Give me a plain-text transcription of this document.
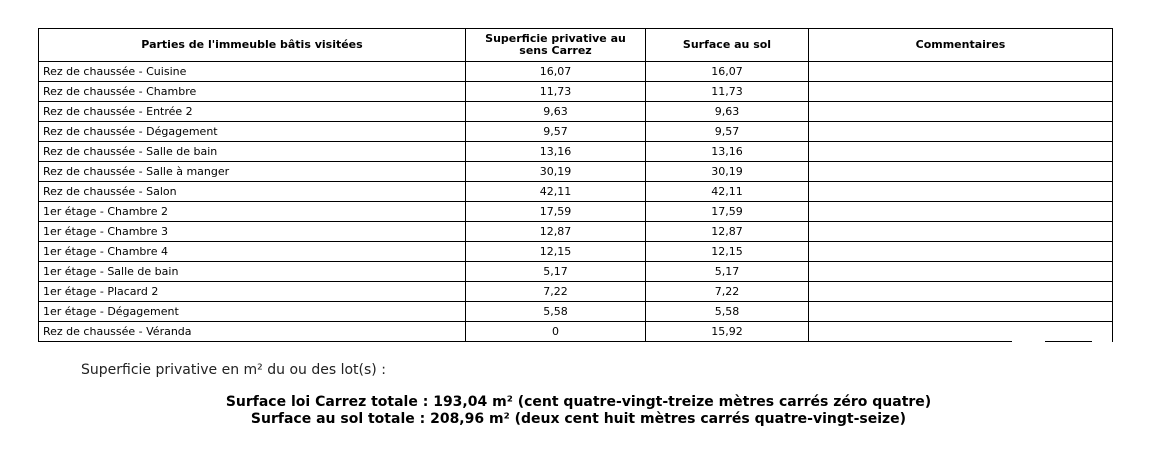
Parties de l'immeuble bâtis visitées	Superficie privative au sens Carrez	Surface au sol	Commentaires
Rez de chaussée - Cuisine	16,07	16,07	
Rez de chaussée - Chambre	11,73	11,73	
Rez de chaussée - Entrée 2	9,63	9,63	
Rez de chaussée - Dégagement	9,57	9,57	
Rez de chaussée - Salle de bain	13,16	13,16	
Rez de chaussée - Salle à manger	30,19	30,19	
Rez de chaussée - Salon	42,11	42,11	
1er étage - Chambre 2	17,59	17,59	
1er étage - Chambre 3	12,87	12,87	
1er étage - Chambre 4	12,15	12,15	
1er étage - Salle de bain	5,17	5,17	
1er étage - Placard 2	7,22	7,22	
1er étage - Dégagement	5,58	5,58	
Rez de chaussée - Véranda	0	15,92	
Superficie privative en m² du ou des lot(s) :
Surface loi Carrez totale : 193,04 m² (cent quatre-vingt-treize mètres carrés zéro quatre)
Surface au sol totale : 208,96 m² (deux cent huit mètres carrés quatre-vingt-seize)
